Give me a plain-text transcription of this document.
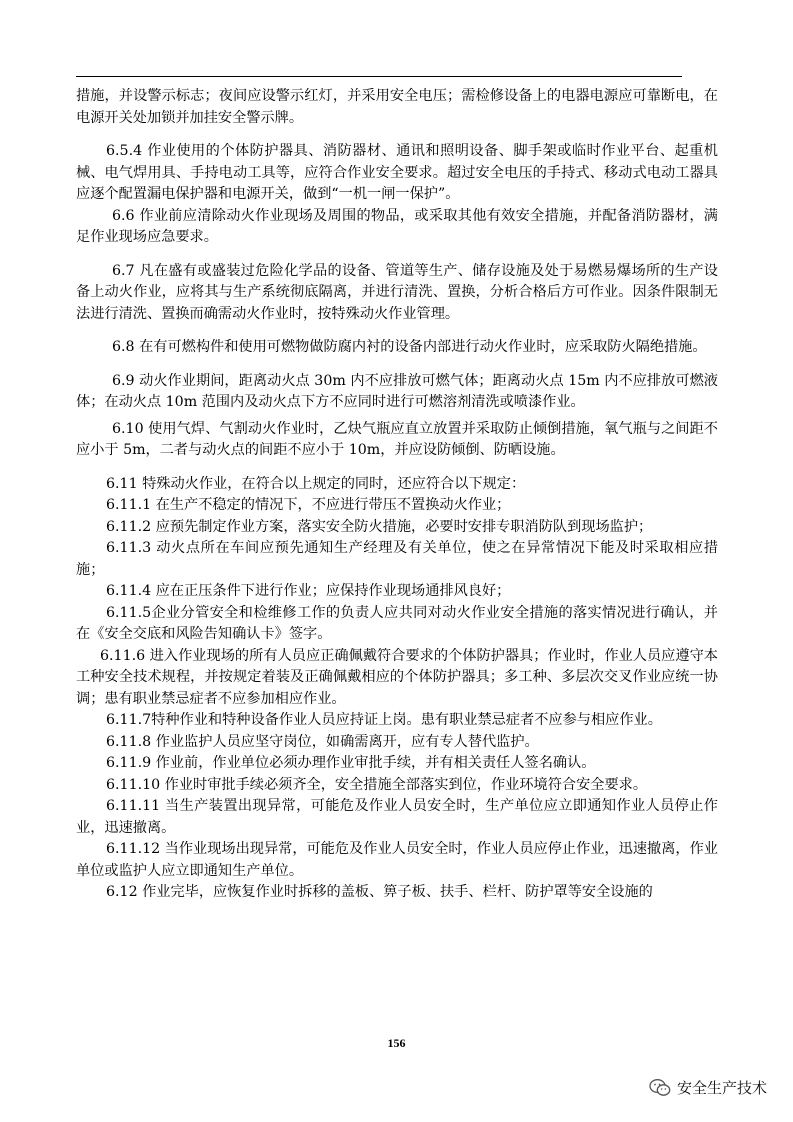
措施，并设警示标志；夜间应设警示红灯，并采用安全电压；需检修设备上的电器电源应可靠断电，在电源开关处加锁并加挂安全警示牌。

6.5.4 作业使用的个体防护器具、消防器材、通讯和照明设备、脚手架或临时作业平台、起重机械、电气焊用具、手持电动工具等，应符合作业安全要求。超过安全电压的手持式、移动式电动工器具应逐个配置漏电保护器和电源开关，做到“一机一闸一保护”。

6.6 作业前应清除动火作业现场及周围的物品，或采取其他有效安全措施，并配备消防器材，满足作业现场应急要求。

6.7 凡在盛有或盛装过危险化学品的设备、管道等生产、储存设施及处于易燃易爆场所的生产设备上动火作业，应将其与生产系统彻底隔离，并进行清洗、置换，分析合格后方可作业。因条件限制无法进行清洗、置换而确需动火作业时，按特殊动火作业管理。

6.8 在有可燃构件和使用可燃物做防腐内衬的设备内部进行动火作业时，应采取防火隔绝措施。

6.9 动火作业期间，距离动火点 30m 内不应排放可燃气体；距离动火点 15m 内不应排放可燃液体；在动火点 10m 范围内及动火点下方不应同时进行可燃溶剂清洗或喷漆作业。

6.10 使用气焊、气割动火作业时，乙炔气瓶应直立放置并采取防止倾倒措施，氧气瓶与之间距不应小于 5m，二者与动火点的间距不应小于 10m，并应设防倾倒、防晒设施。

6.11 特殊动火作业，在符合以上规定的同时，还应符合以下规定：

6.11.1 在生产不稳定的情况下，不应进行带压不置换动火作业；

6.11.2 应预先制定作业方案，落实安全防火措施，必要时安排专职消防队到现场监护；

6.11.3 动火点所在车间应预先通知生产经理及有关单位，使之在异常情况下能及时采取相应措施；

6.11.4 应在正压条件下进行作业；应保持作业现场通排风良好；

6.11.5企业分管安全和检维修工作的负责人应共同对动火作业安全措施的落实情况进行确认，并在《安全交底和风险告知确认卡》签字。

6.11.6 进入作业现场的所有人员应正确佩戴符合要求的个体防护器具；作业时，作业人员应遵守本工种安全技术规程，并按规定着装及正确佩戴相应的个体防护器具；多工种、多层次交叉作业应统一协调；患有职业禁忌症者不应参加相应作业。

6.11.7特种作业和特种设备作业人员应持证上岗。患有职业禁忌症者不应参与相应作业。

6.11.8 作业监护人员应坚守岗位，如确需离开，应有专人替代监护。

6.11.9 作业前，作业单位必须办理作业审批手续，并有相关责任人签名确认。

6.11.10 作业时审批手续必须齐全，安全措施全部落实到位，作业环境符合安全要求。

6.11.11 当生产装置出现异常，可能危及作业人员安全时，生产单位应立即通知作业人员停止作业，迅速撤离。

6.11.12 当作业现场出现异常，可能危及作业人员安全时，作业人员应停止作业，迅速撤离，作业单位或监护人应立即通知生产单位。

6.12 作业完毕，应恢复作业时拆移的盖板、箅子板、扶手、栏杆、防护罩等安全设施的

156
安全生产技术
